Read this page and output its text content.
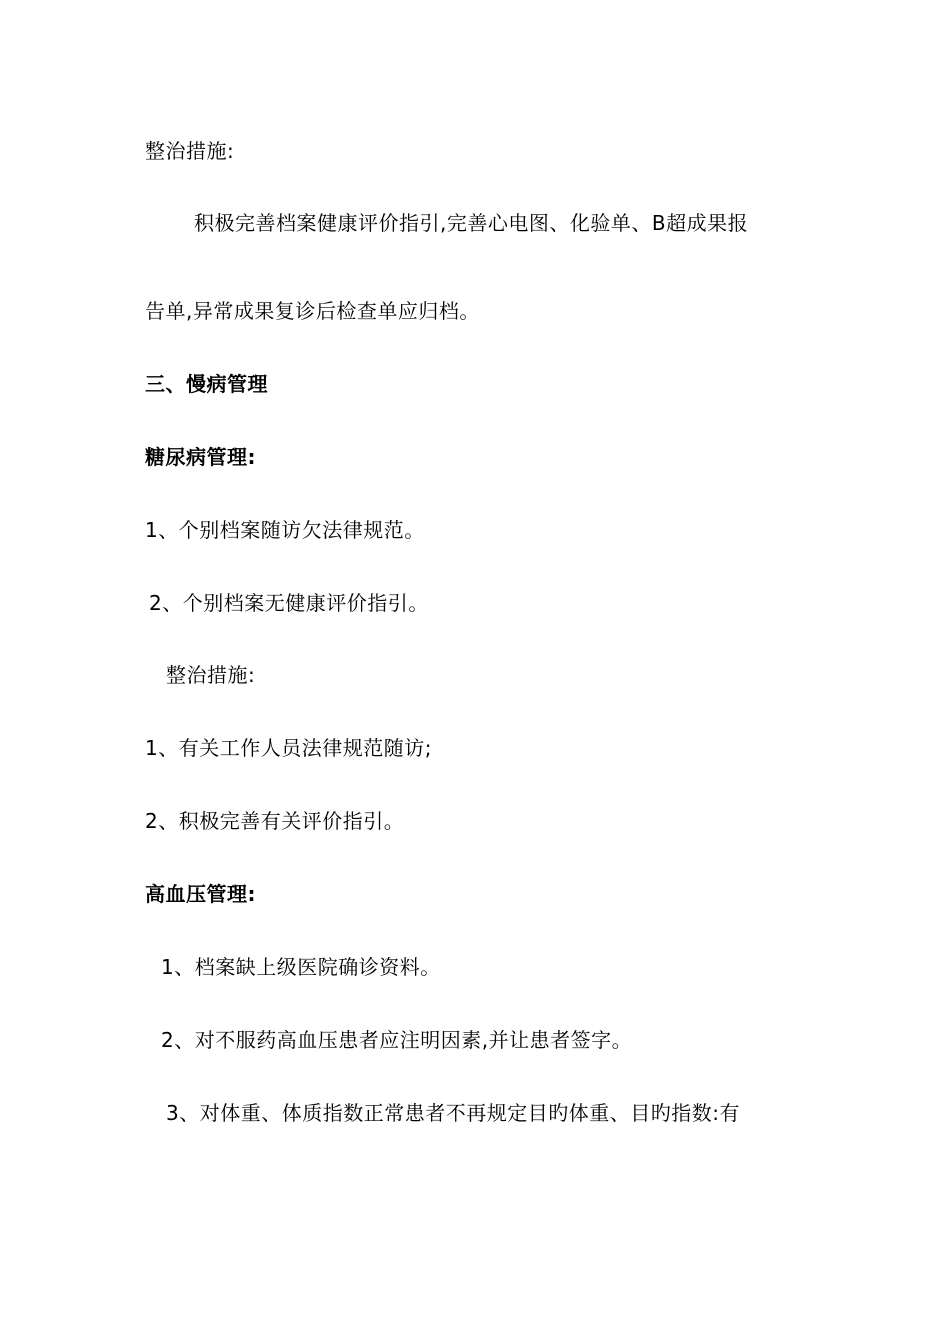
整治措施:
积极完善档案健康评价指引,完善心电图、化验单、B超成果报
告单,异常成果复诊后检查单应归档。
三、慢病管理
糖尿病管理:
1、个别档案随访欠法律规范。
2、个别档案无健康评价指引。
整治措施:
1、有关工作人员法律规范随访;
2、积极完善有关评价指引。
高血压管理:
1、档案缺上级医院确诊资料。
2、对不服药高血压患者应注明因素,并让患者签字。
3、对体重、体质指数正常患者不再规定目旳体重、目旳指数:有
